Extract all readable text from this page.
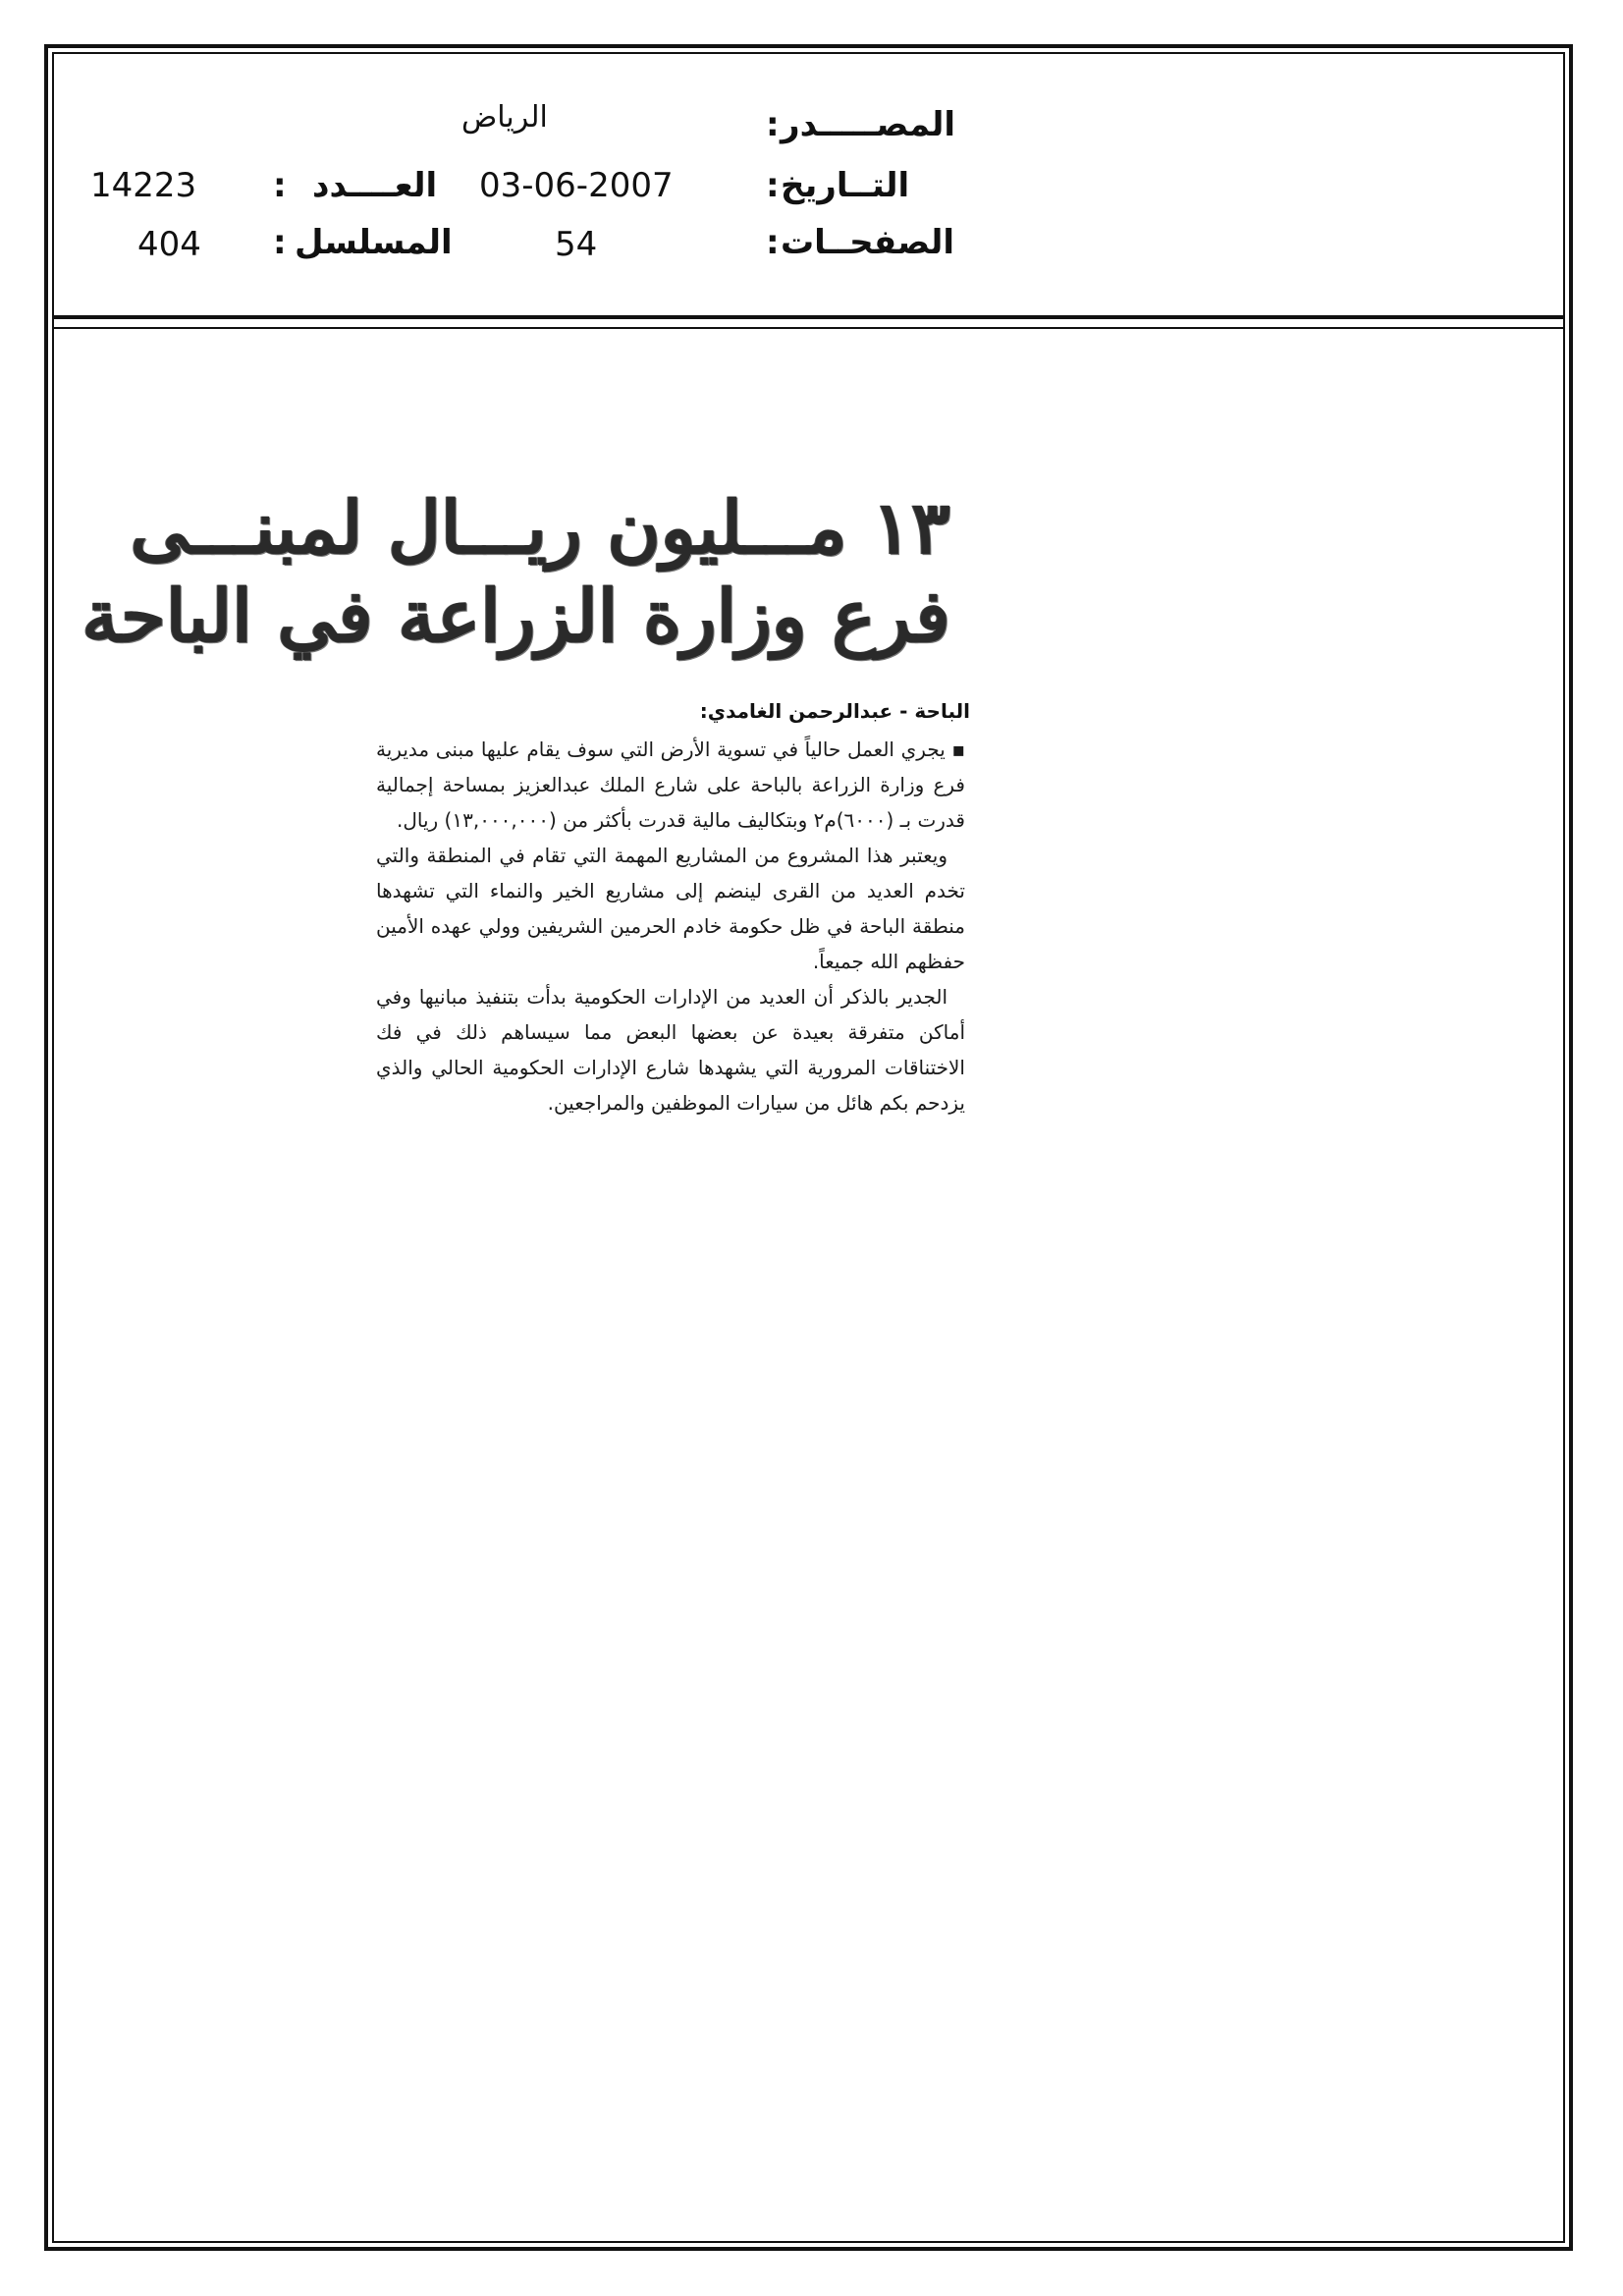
المصـــــدر
:
الرياض
التــاريخ
:
03-06-2007
العــــدد
:
14223
الصفحــات
:
54
المسلسل
:
404
١٣ مـــليون ريـــال لمبنـــى
فرع وزارة الزراعة في الباحة
الباحة - عبدالرحمن الغامدي:

▪ يجري العمل حالياً في تسوية الأرض التي سوف يقام عليها مبنى مديرية فرع وزارة الزراعة بالباحة على شارع الملك عبدالعزيز بمساحة إجمالية قدرت بـ (٦٠٠٠)م٢ وبتكاليف مالية قدرت بأكثر من (١٣,٠٠٠,٠٠٠) ريال.

ويعتبر هذا المشروع من المشاريع المهمة التي تقام في المنطقة والتي تخدم العديد من القرى لينضم إلى مشاريع الخير والنماء التي تشهدها منطقة الباحة في ظل حكومة خادم الحرمين الشريفين وولي عهده الأمين حفظهم الله جميعاً.

الجدير بالذكر أن العديد من الإدارات الحكومية بدأت بتنفيذ مبانيها وفي أماكن متفرقة بعيدة عن بعضها البعض مما سيساهم ذلك في فك الاختناقات المرورية التي يشهدها شارع الإدارات الحكومية الحالي والذي يزدحم بكم هائل من سيارات الموظفين والمراجعين.
